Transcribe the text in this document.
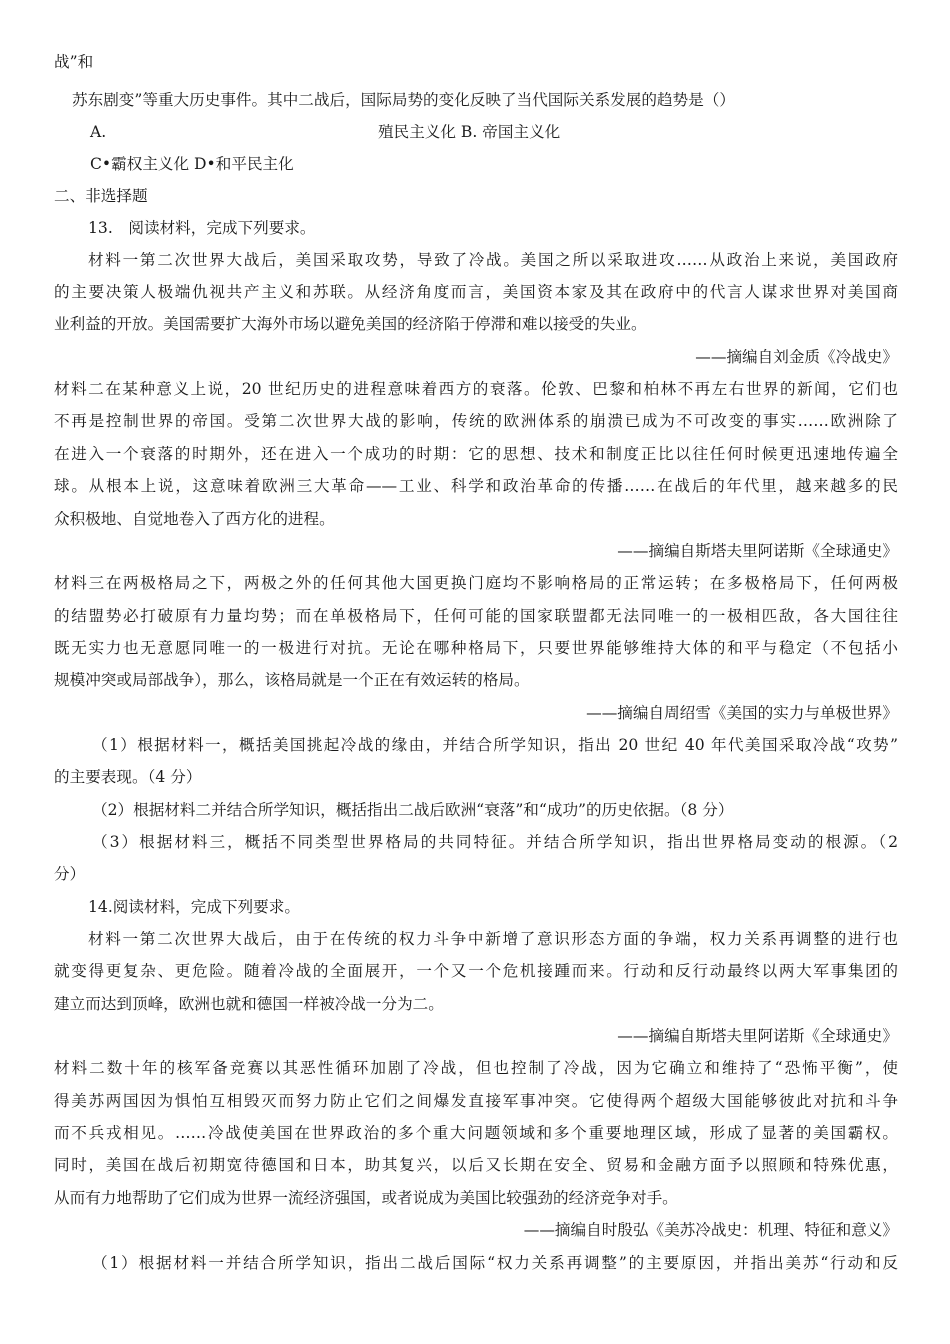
战”和
苏东剧变”等重大历史事件。其中二战后，国际局势的变化反映了当代国际关系发展的趋势是（）
A.	殖民主义化 B. 帝国主义化
C•霸权主义化 D•和平民主化
二、非选择题
13.　阅读材料，完成下列要求。
材料一第二次世界大战后，美国采取攻势，导致了冷战。美国之所以采取进攻……从政治上来说，美国政府
的主要决策人极端仇视共产主义和苏联。从经济角度而言，美国资本家及其在政府中的代言人谋求世界对美国商
业利益的开放。美国需要扩大海外市场以避免美国的经济陷于停滞和难以接受的失业。
——摘编自刘金质《冷战史》
材料二在某种意义上说，20 世纪历史的进程意味着西方的衰落。伦敦、巴黎和柏林不再左右世界的新闻，它们也
不再是控制世界的帝国。受第二次世界大战的影响，传统的欧洲体系的崩溃已成为不可改变的事实……欧洲除了
在进入一个衰落的时期外，还在进入一个成功的时期：它的思想、技术和制度正比以往任何时候更迅速地传遍全
球。从根本上说，这意味着欧洲三大革命——工业、科学和政治革命的传播……在战后的年代里，越来越多的民
众积极地、自觉地卷入了西方化的进程。
——摘编自斯塔夫里阿诺斯《全球通史》
材料三在两极格局之下，两极之外的任何其他大国更换门庭均不影响格局的正常运转；在多极格局下，任何两极
的结盟势必打破原有力量均势；而在单极格局下，任何可能的国家联盟都无法同唯一的一极相匹敌，各大国往往
既无实力也无意愿同唯一的一极进行对抗。无论在哪种格局下，只要世界能够维持大体的和平与稳定（不包括小
规模冲突或局部战争），那么，该格局就是一个正在有效运转的格局。
——摘编自周绍雪《美国的实力与单极世界》
（1）根据材料一，概括美国挑起冷战的缘由，并结合所学知识，指出 20 世纪 40 年代美国采取冷战“攻势”
的主要表现。（4 分）
（2）根据材料二并结合所学知识，概括指出二战后欧洲“衰落”和“成功”的历史依据。（8 分）
（3）根据材料三，概括不同类型世界格局的共同特征。并结合所学知识，指出世界格局变动的根源。（2
分）
14.阅读材料，完成下列要求。
材料一第二次世界大战后，由于在传统的权力斗争中新增了意识形态方面的争端，权力关系再调整的进行也
就变得更复杂、更危险。随着冷战的全面展开，一个又一个危机接踵而来。行动和反行动最终以两大军事集团的
建立而达到顶峰，欧洲也就和德国一样被冷战一分为二。
——摘编自斯塔夫里阿诺斯《全球通史》
材料二数十年的核军备竞赛以其恶性循环加剧了冷战，但也控制了冷战，因为它确立和维持了“恐怖平衡”，使
得美苏两国因为惧怕互相毁灭而努力防止它们之间爆发直接军事冲突。它使得两个超级大国能够彼此对抗和斗争
而不兵戎相见。……冷战使美国在世界政治的多个重大问题领域和多个重要地理区域，形成了显著的美国霸权。
同时，美国在战后初期宽待德国和日本，助其复兴，以后又长期在安全、贸易和金融方面予以照顾和特殊优惠，
从而有力地帮助了它们成为世界一流经济强国，或者说成为美国比较强劲的经济竞争对手。
——摘编自时殷弘《美苏冷战史：机理、特征和意义》
（1）根据材料一并结合所学知识，指出二战后国际“权力关系再调整”的主要原因，并指出美苏“行动和反
